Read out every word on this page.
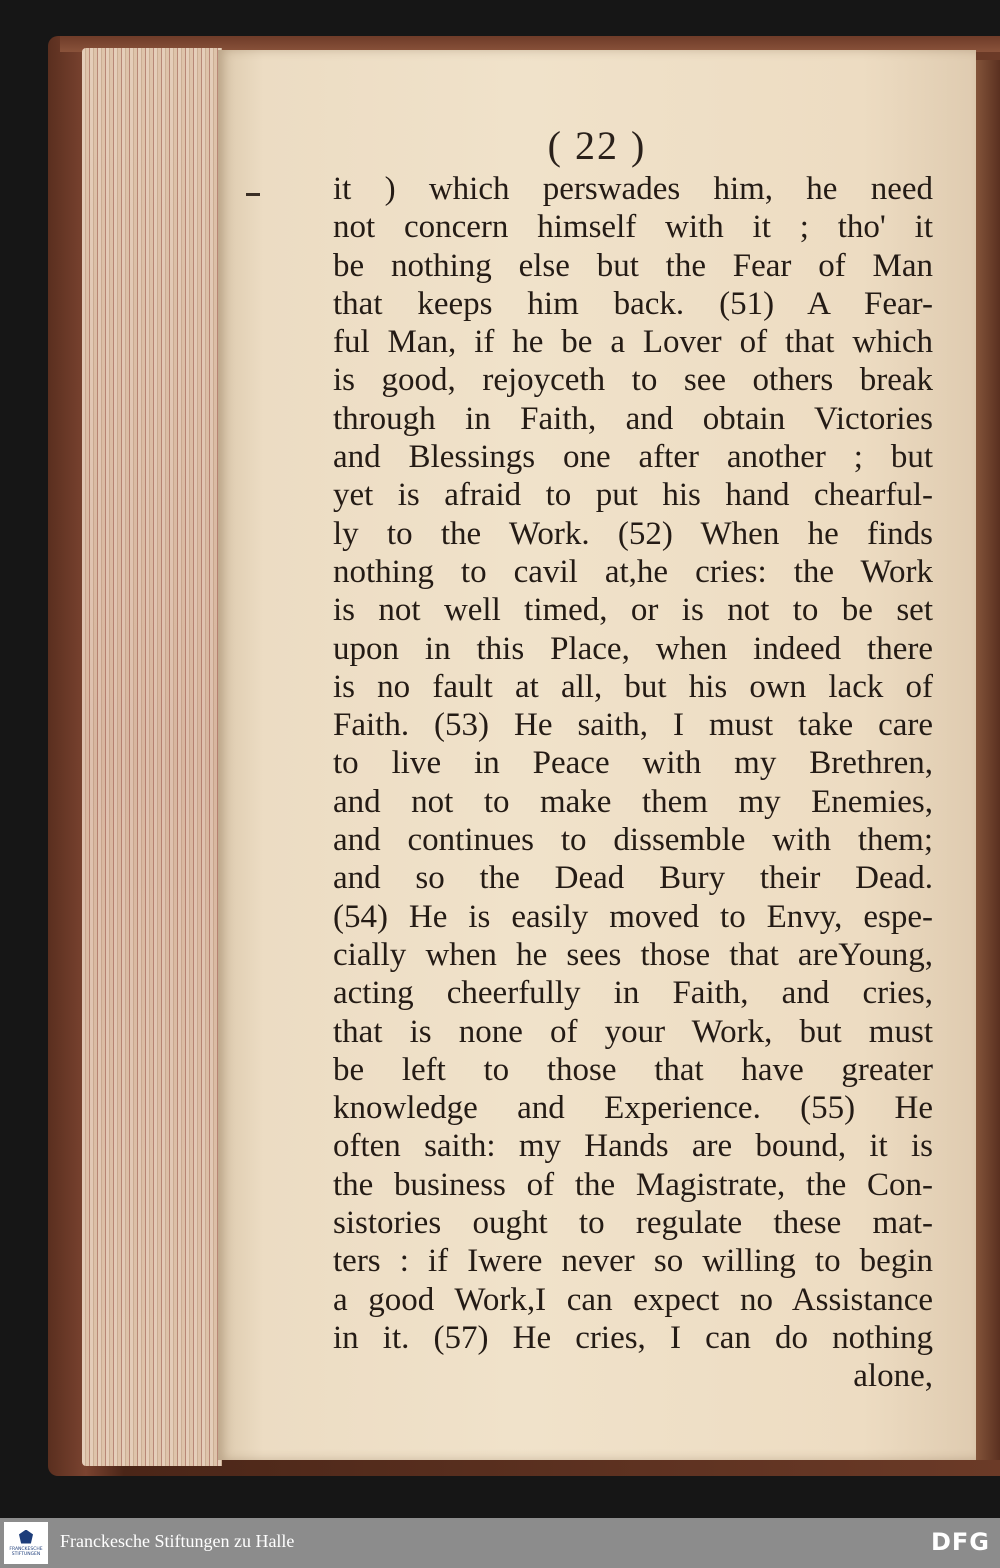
( 22 )
it ) which perswades him, he need
not concern himself with it ; tho' it
be nothing else but the Fear of Man
that keeps him back. (51) A Fear-
ful Man, if he be a Lover of that which
is good, rejoyceth to see others break
through in Faith, and obtain Victories
and Blessings one after another ; but
yet is afraid to put his hand chearful-
ly to the Work. (52) When he finds
nothing to cavil at,he cries: the Work
is not well timed, or is not to be set
upon in this Place, when indeed there
is no fault at all, but his own lack of
Faith. (53) He saith, I must take care
to live in Peace with my Brethren,
and not to make them my Enemies,
and continues to dissemble with them;
and so the Dead Bury their Dead.
(54) He is easily moved to Envy, espe-
cially when he sees those that areYoung,
acting cheerfully in Faith, and cries,
that is none of your Work, but must
be left to those that have greater
knowledge and Experience. (55) He
often saith: my Hands are bound, it is
the business of the Magistrate, the Con-
sistories ought to regulate these mat-
ters : if Iwere never so willing to begin
a good Work,I can expect no Assistance
in it. (57) He cries, I can do nothing
alone,
FRANCKESCHE
STIFTUNGEN
Franckesche Stiftungen zu Halle	DFG
